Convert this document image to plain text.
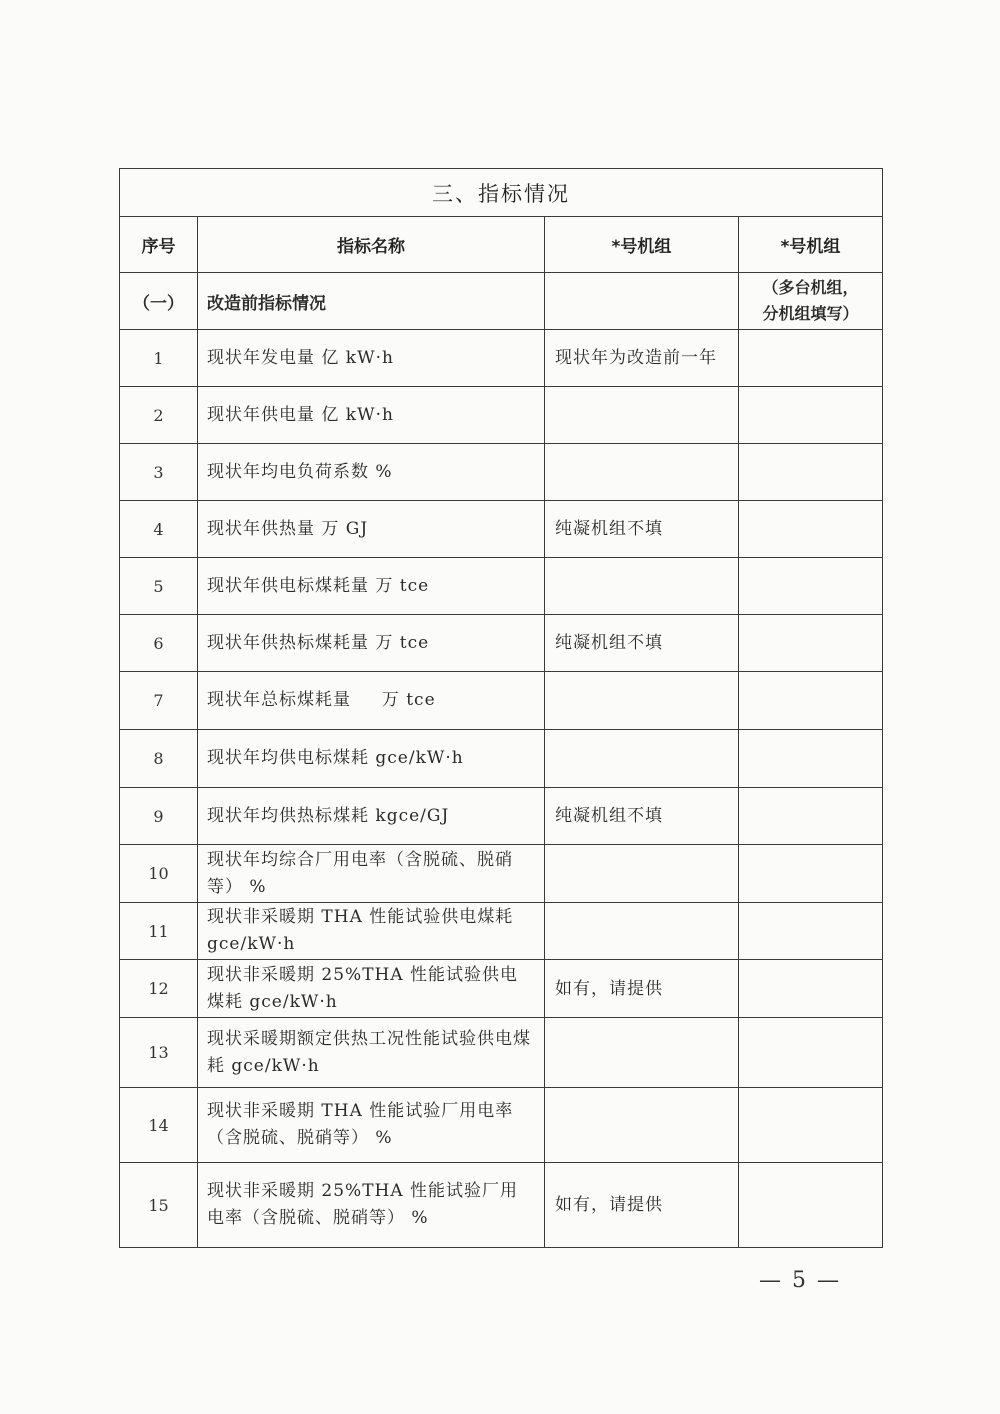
三、指标情况			
序号	指标名称	*号机组	*号机组
（一）	改造前指标情况		（多台机组，
分机组填写）
1	现状年发电量 亿 kW·h	现状年为改造前一年	
2	现状年供电量 亿 kW·h		
3	现状年均电负荷系数 %		
4	现状年供热量 万 GJ	纯凝机组不填	
5	现状年供电标煤耗量 万 tce		
6	现状年供热标煤耗量 万 tce	纯凝机组不填	
7	现状年总标煤耗量 　 万 tce		
8	现状年均供电标煤耗 gce/kW·h		
9	现状年均供热标煤耗 kgce/GJ	纯凝机组不填	
10	现状年均综合厂用电率（含脱硫、脱硝等） %		
11	现状非采暖期 THA 性能试验供电煤耗 gce/kW·h		
12	现状非采暖期 25%THA 性能试验供电煤耗 gce/kW·h	如有，请提供	
13	现状采暖期额定供热工况性能试验供电煤耗 gce/kW·h		
14	现状非采暖期 THA 性能试验厂用电率（含脱硫、脱硝等） %		
15	现状非采暖期 25%THA 性能试验厂用电率（含脱硫、脱硝等） %	如有，请提供	
— 5 —
